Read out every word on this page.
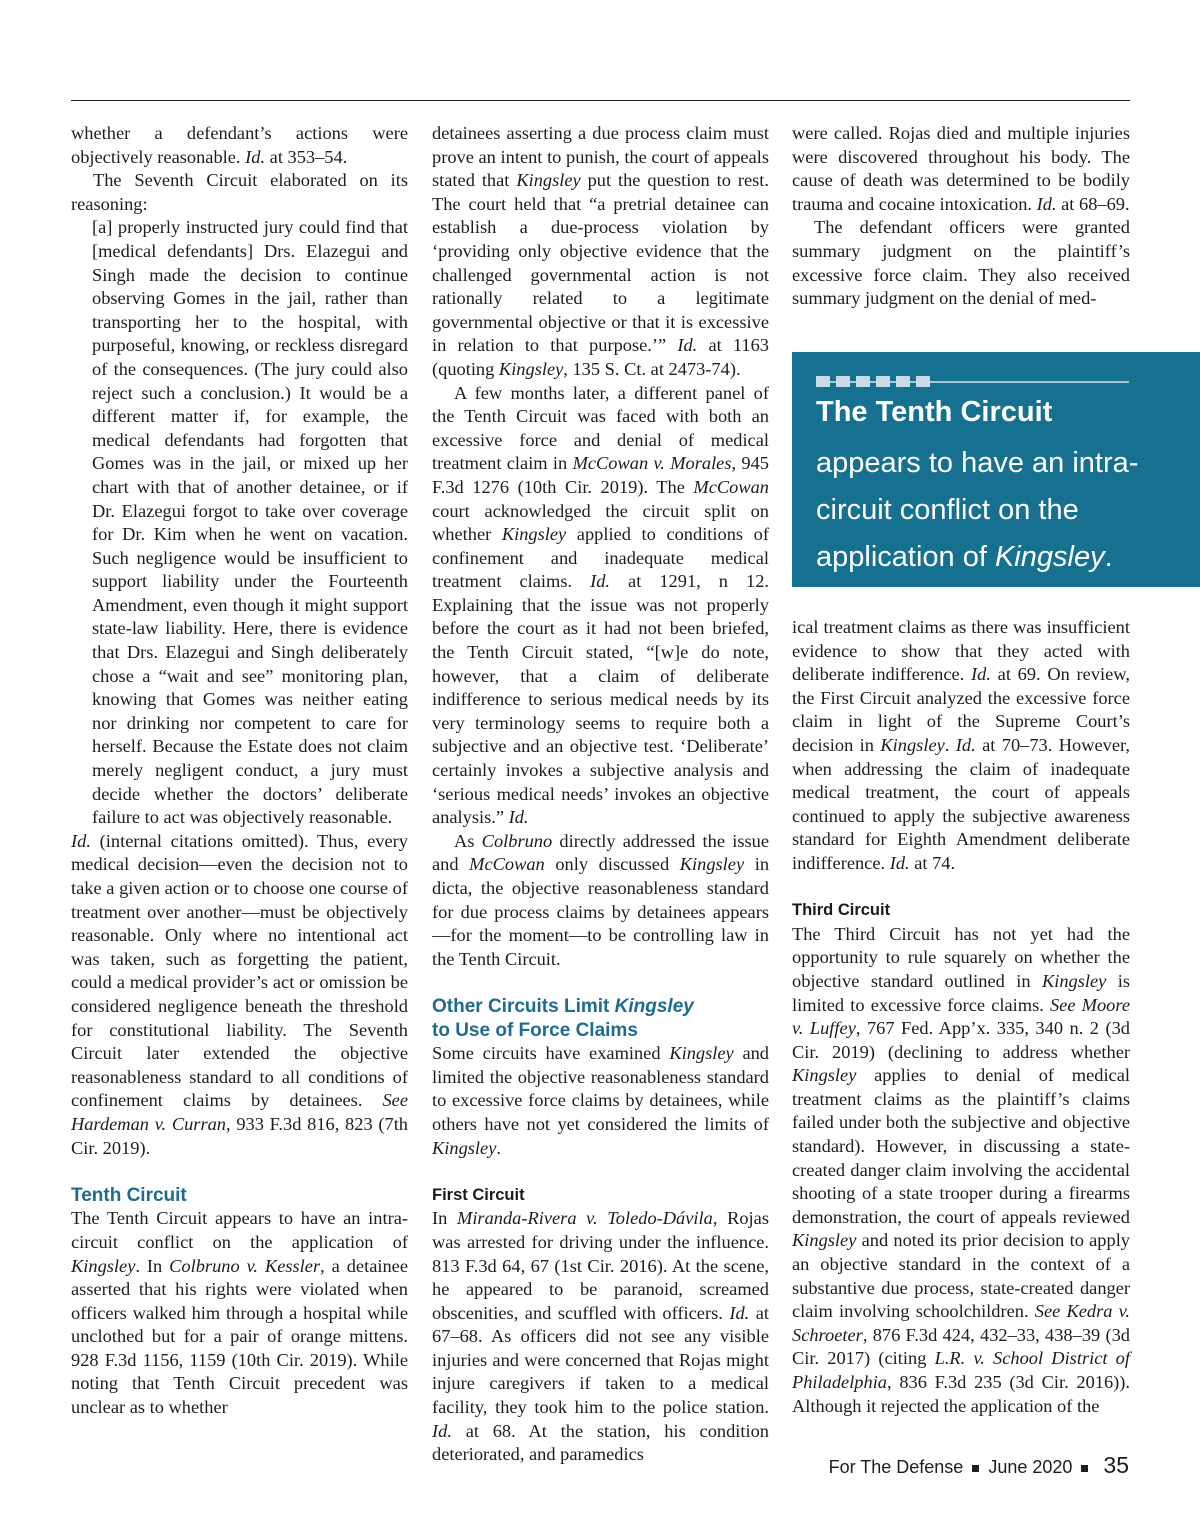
whether a defendant’s actions were objectively reasonable. Id. at 353–54.

The Seventh Circuit elaborated on its reasoning:

[a] properly instructed jury could find that [medical defendants] Drs. Elazegui and Singh made the decision to continue observing Gomes in the jail, rather than transporting her to the hospital, with purposeful, knowing, or reckless disregard of the consequences. (The jury could also reject such a conclusion.) It would be a different matter if, for example, the medical defendants had forgotten that Gomes was in the jail, or mixed up her chart with that of another detainee, or if Dr. Elazegui forgot to take over coverage for Dr. Kim when he went on vacation. Such negligence would be insufficient to support liability under the Fourteenth Amendment, even though it might support state-law liability. Here, there is evidence that Drs. Elazegui and Singh deliberately chose a “wait and see” monitoring plan, knowing that Gomes was neither eating nor drinking nor competent to care for herself. Because the Estate does not claim merely negligent conduct, a jury must decide whether the doctors’ deliberate failure to act was objectively reasonable.

Id. (internal citations omitted). Thus, every medical decision—even the decision not to take a given action or to choose one course of treatment over another—must be objectively reasonable. Only where no intentional act was taken, such as forgetting the patient, could a medical provider’s act or omission be considered negligence beneath the threshold for constitutional liability. The Seventh Circuit later extended the objective reasonableness standard to all conditions of confinement claims by detainees. See Hardeman v. Curran, 933 F.3d 816, 823 (7th Cir. 2019).

Tenth Circuit

The Tenth Circuit appears to have an intra-circuit conflict on the application of Kingsley. In Colbruno v. Kessler, a detainee asserted that his rights were violated when officers walked him through a hospital while unclothed but for a pair of orange mittens. 928 F.3d 1156, 1159 (10th Cir. 2019). While noting that Tenth Circuit precedent was unclear as to whether

detainees asserting a due process claim must prove an intent to punish, the court of appeals stated that Kingsley put the question to rest. The court held that “a pretrial detainee can establish a due-process violation by ‘providing only objective evidence that the challenged governmental action is not rationally related to a legitimate governmental objective or that it is excessive in relation to that purpose.’” Id. at 1163 (quoting Kingsley, 135 S. Ct. at 2473-74).

A few months later, a different panel of the Tenth Circuit was faced with both an excessive force and denial of medical treatment claim in McCowan v. Morales, 945 F.3d 1276 (10th Cir. 2019). The McCowan court acknowledged the circuit split on whether Kingsley applied to conditions of confinement and inadequate medical treatment claims. Id. at 1291, n 12. Explaining that the issue was not properly before the court as it had not been briefed, the Tenth Circuit stated, “[w]e do note, however, that a claim of deliberate indifference to serious medical needs by its very terminology seems to require both a subjective and an objective test. ‘Deliberate’ certainly invokes a subjective analysis and ‘serious medical needs’ invokes an objective analysis.” Id.

As Colbruno directly addressed the issue and McCowan only discussed Kingsley in dicta, the objective reasonableness standard for due process claims by detainees appears—for the moment—to be controlling law in the Tenth Circuit.

Other Circuits Limit Kingsley
to Use of Force Claims

Some circuits have examined Kingsley and limited the objective reasonableness standard to excessive force claims by detainees, while others have not yet considered the limits of Kingsley.

First Circuit

In Miranda-Rivera v. Toledo-Dávila, Rojas was arrested for driving under the influence. 813 F.3d 64, 67 (1st Cir. 2016). At the scene, he appeared to be paranoid, screamed obscenities, and scuffled with officers. Id. at 67–68. As officers did not see any visible injuries and were concerned that Rojas might injure caregivers if taken to a medical facility, they took him to the police station. Id. at 68. At the station, his condition deteriorated, and paramedics

were called. Rojas died and multiple injuries were discovered throughout his body. The cause of death was determined to be bodily trauma and cocaine intoxication. Id. at 68–69.

The defendant officers were granted summary judgment on the plaintiff’s excessive force claim. They also received summary judgment on the denial of med-

The Tenth Circuit
appears to have an intra- circuit conflict on the application of Kingsley.

ical treatment claims as there was insufficient evidence to show that they acted with deliberate indifference. Id. at 69. On review, the First Circuit analyzed the excessive force claim in light of the Supreme Court’s decision in Kingsley. Id. at 70–73. However, when addressing the claim of inadequate medical treatment, the court of appeals continued to apply the subjective awareness standard for Eighth Amendment deliberate indifference. Id. at 74.

Third Circuit

The Third Circuit has not yet had the opportunity to rule squarely on whether the objective standard outlined in Kingsley is limited to excessive force claims. See Moore v. Luffey, 767 Fed. App’x. 335, 340 n. 2 (3d Cir. 2019) (declining to address whether Kingsley applies to denial of medical treatment claims as the plaintiff’s claims failed under both the subjective and objective standard). However, in discussing a state-created danger claim involving the accidental shooting of a state trooper during a firearms demonstration, the court of appeals reviewed Kingsley and noted its prior decision to apply an objective standard in the context of a substantive due process, state-created danger claim involving schoolchildren. See Kedra v. Schroeter, 876 F.3d 424, 432–33, 438–39 (3d Cir. 2017) (citing L.R. v. School District of Philadelphia, 836 F.3d 235 (3d Cir. 2016)). Although it rejected the application of the

For The Defense June 2020 35
